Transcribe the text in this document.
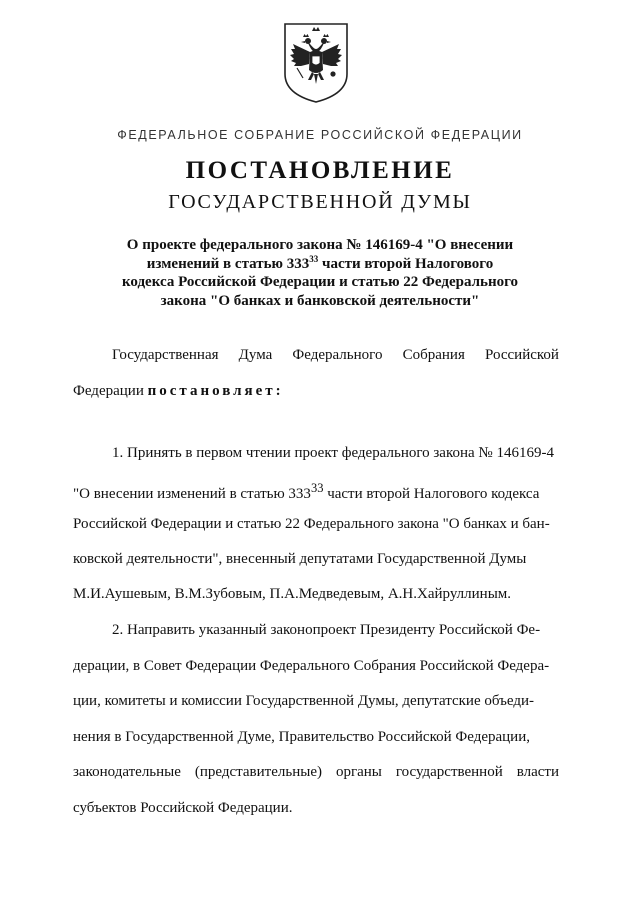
ФЕДЕРАЛЬНОЕ СОБРАНИЕ РОССИЙСКОЙ ФЕДЕРАЦИИ
ПОСТАНОВЛЕНИЕ
ГОСУДАРСТВЕННОЙ ДУМЫ
О проекте федерального закона № 146169-4 "О внесении
изменений в статью $333^{33}$ части второй Налогового
кодекса Российской Федерации и статью 22 Федерального
закона "О банках и банковской деятельности"
Государственная Дума Федерального Собрания Российской
Федерации постановляет:
1. Принять в первом чтении проект федерального закона № 146169-4
"О внесении изменений в статью $333^{33}$ части второй Налогового кодекса
Российской Федерации и статью 22 Федерального закона "О банках и бан-
ковской деятельности", внесенный депутатами Государственной Думы
М.И.Аушевым, В.М.Зубовым, П.А.Медведевым, А.Н.Хайруллиным.
2. Направить указанный законопроект Президенту Российской Фе-
дерации, в Совет Федерации Федерального Собрания Российской Федера-
ции, комитеты и комиссии Государственной Думы, депутатские объеди-
нения в Государственной Думе, Правительство Российской Федерации,
законодательные (представительные) органы государственной власти
субъектов Российской Федерации.
